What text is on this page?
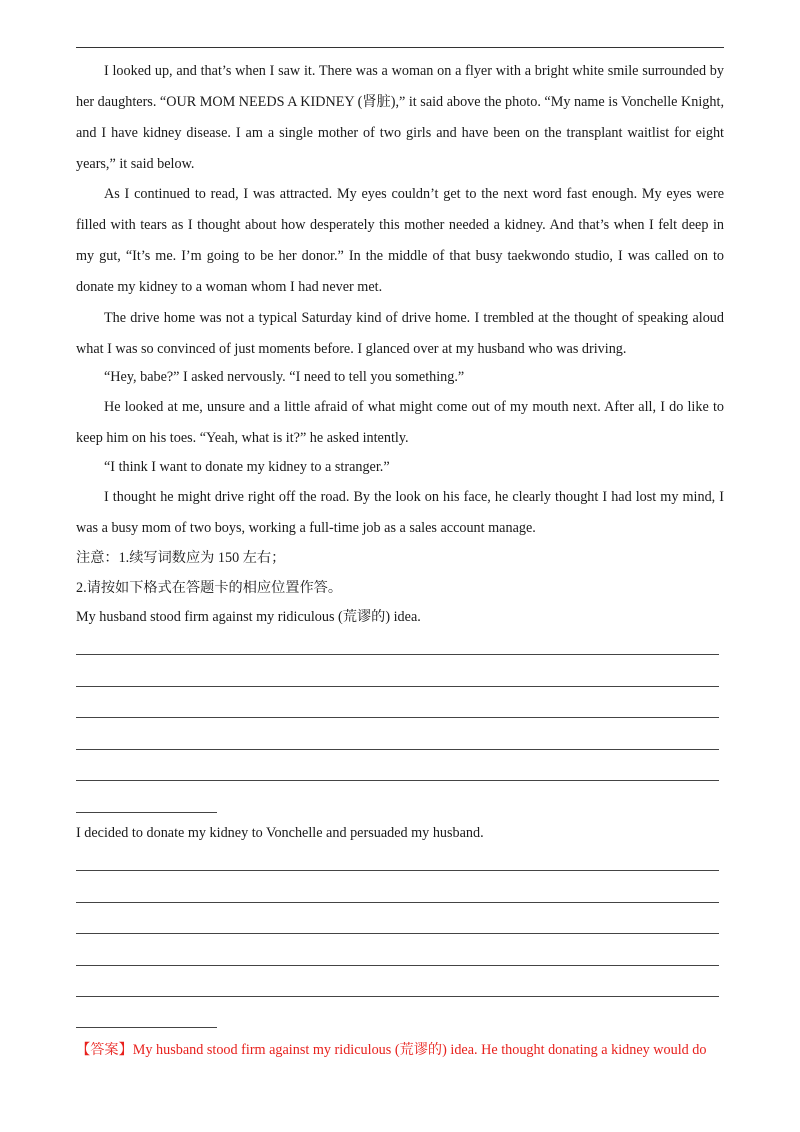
I looked up, and that’s when I saw it. There was a woman on a flyer with a bright white smile surrounded by her daughters. “OUR MOM NEEDS A KIDNEY (肾脏),” it said above the photo. “My name is Vonchelle Knight, and I have kidney disease. I am a single mother of two girls and have been on the transplant waitlist for eight years,” it said below.

As I continued to read, I was attracted. My eyes couldn’t get to the next word fast enough. My eyes were filled with tears as I thought about how desperately this mother needed a kidney. And that’s when I felt deep in my gut, “It’s me. I’m going to be her donor.” In the middle of that busy taekwondo studio, I was called on to donate my kidney to a woman whom I had never met.

The drive home was not a typical Saturday kind of drive home. I trembled at the thought of speaking aloud what I was so convinced of just moments before. I glanced over at my husband who was driving.

“Hey, babe?” I asked nervously. “I need to tell you something.”

He looked at me, unsure and a little afraid of what might come out of my mouth next. After all, I do like to keep him on his toes. “Yeah, what is it?” he asked intently.

“I think I want to donate my kidney to a stranger.”

I thought he might drive right off the road. By the look on his face, he clearly thought I had lost my mind, I was a busy mom of two boys, working a full-time job as a sales account manage.

注意：1.续写词数应为 150 左右；

2.请按如下格式在答题卡的相应位置作答。

My husband stood firm against my ridiculous (荒谬的) idea.

I decided to donate my kidney to Vonchelle and persuaded my husband.

【答案】My husband stood firm against my ridiculous (荒谬的) idea. He thought donating a kidney would do
